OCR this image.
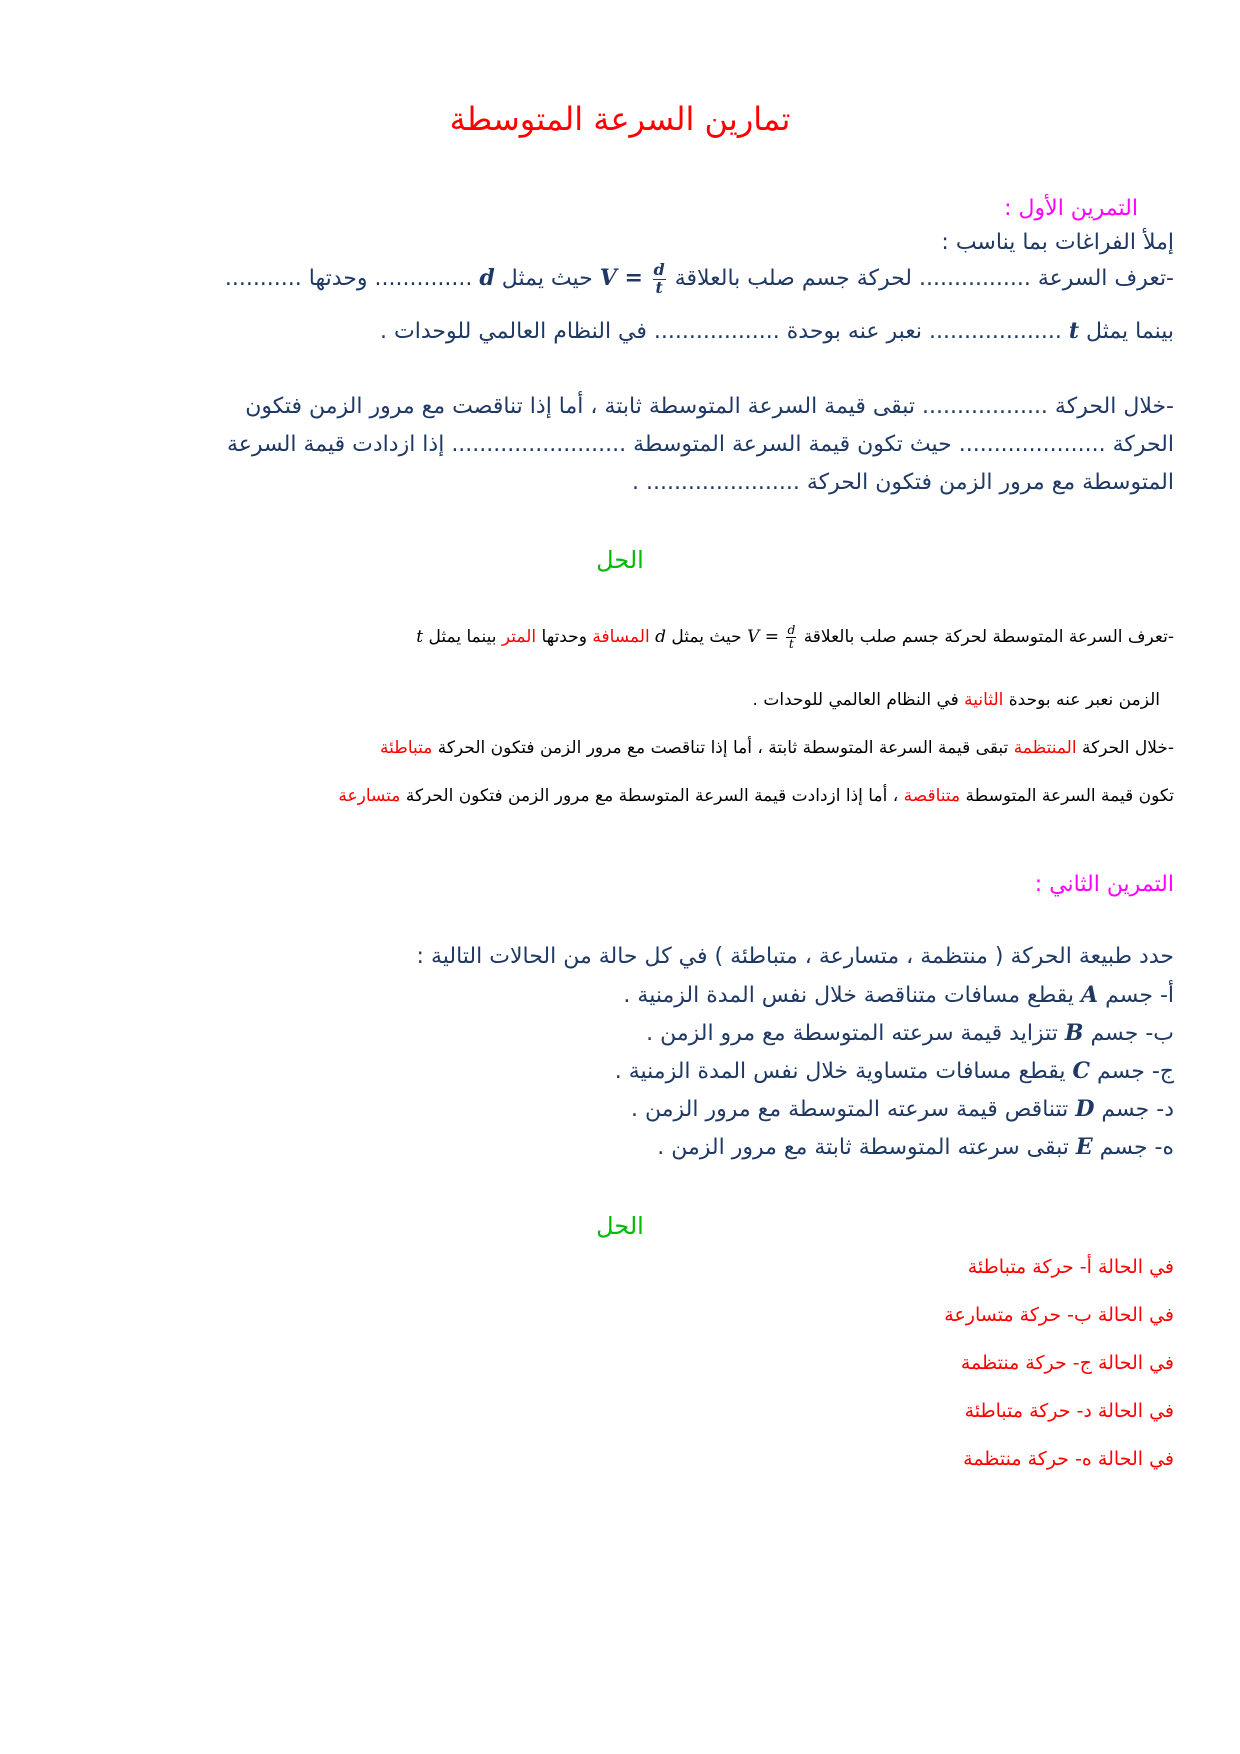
تمارين السرعة المتوسطة
التمرين الأول :
إملأ الفراغات بما يناسب :
-تعرف السرعة ................ لحركة جسم صلب بالعلاقة $V = \frac{d}{t}$
حيث يمثل d .............. وحدتها ...........
بينما يمثل t ................... نعبر عنه بوحدة .................. في النظام العالمي للوحدات .
-خلال الحركة .................. تبقى قيمة السرعة المتوسطة ثابتة ، أما إذا تناقصت مع مرور الزمن فتكون
الحركة ..................... حيث تكون قيمة السرعة المتوسطة ......................... إذا ازدادت قيمة السرعة
المتوسطة مع مرور الزمن فتكون الحركة ...................... .
الحل
-تعرف السرعة المتوسطة لحركة جسم صلب بالعلاقة $V = \frac{d}{t}$
حيث يمثل d المسافة وحدتها المتر بينما يمثل t
الزمن نعبر عنه بوحدة الثانية في النظام العالمي للوحدات .
-خلال الحركة المنتظمة تبقى قيمة السرعة المتوسطة ثابتة ، أما إذا تناقصت مع مرور الزمن فتكون الحركة متباطئة
تكون قيمة السرعة المتوسطة متناقصة ، أما إذا ازدادت قيمة السرعة المتوسطة مع مرور الزمن فتكون الحركة متسارعة
التمرين الثاني :
حدد طبيعة الحركة ( منتظمة ، متسارعة ، متباطئة ) في كل حالة من الحالات التالية :
أ- جسم A يقطع مسافات متناقصة خلال نفس المدة الزمنية .
ب- جسم B تتزايد قيمة سرعته المتوسطة مع مرو الزمن .
ج- جسم C يقطع مسافات متساوية خلال نفس المدة الزمنية .
د- جسم D تتناقص قيمة سرعته المتوسطة مع مرور الزمن .
ه- جسم E تبقى سرعته المتوسطة ثابتة مع مرور الزمن .
الحل
في الحالة أ- حركة متباطئة
في الحالة ب- حركة متسارعة
في الحالة ج- حركة منتظمة
في الحالة د- حركة متباطئة
في الحالة ه- حركة منتظمة
